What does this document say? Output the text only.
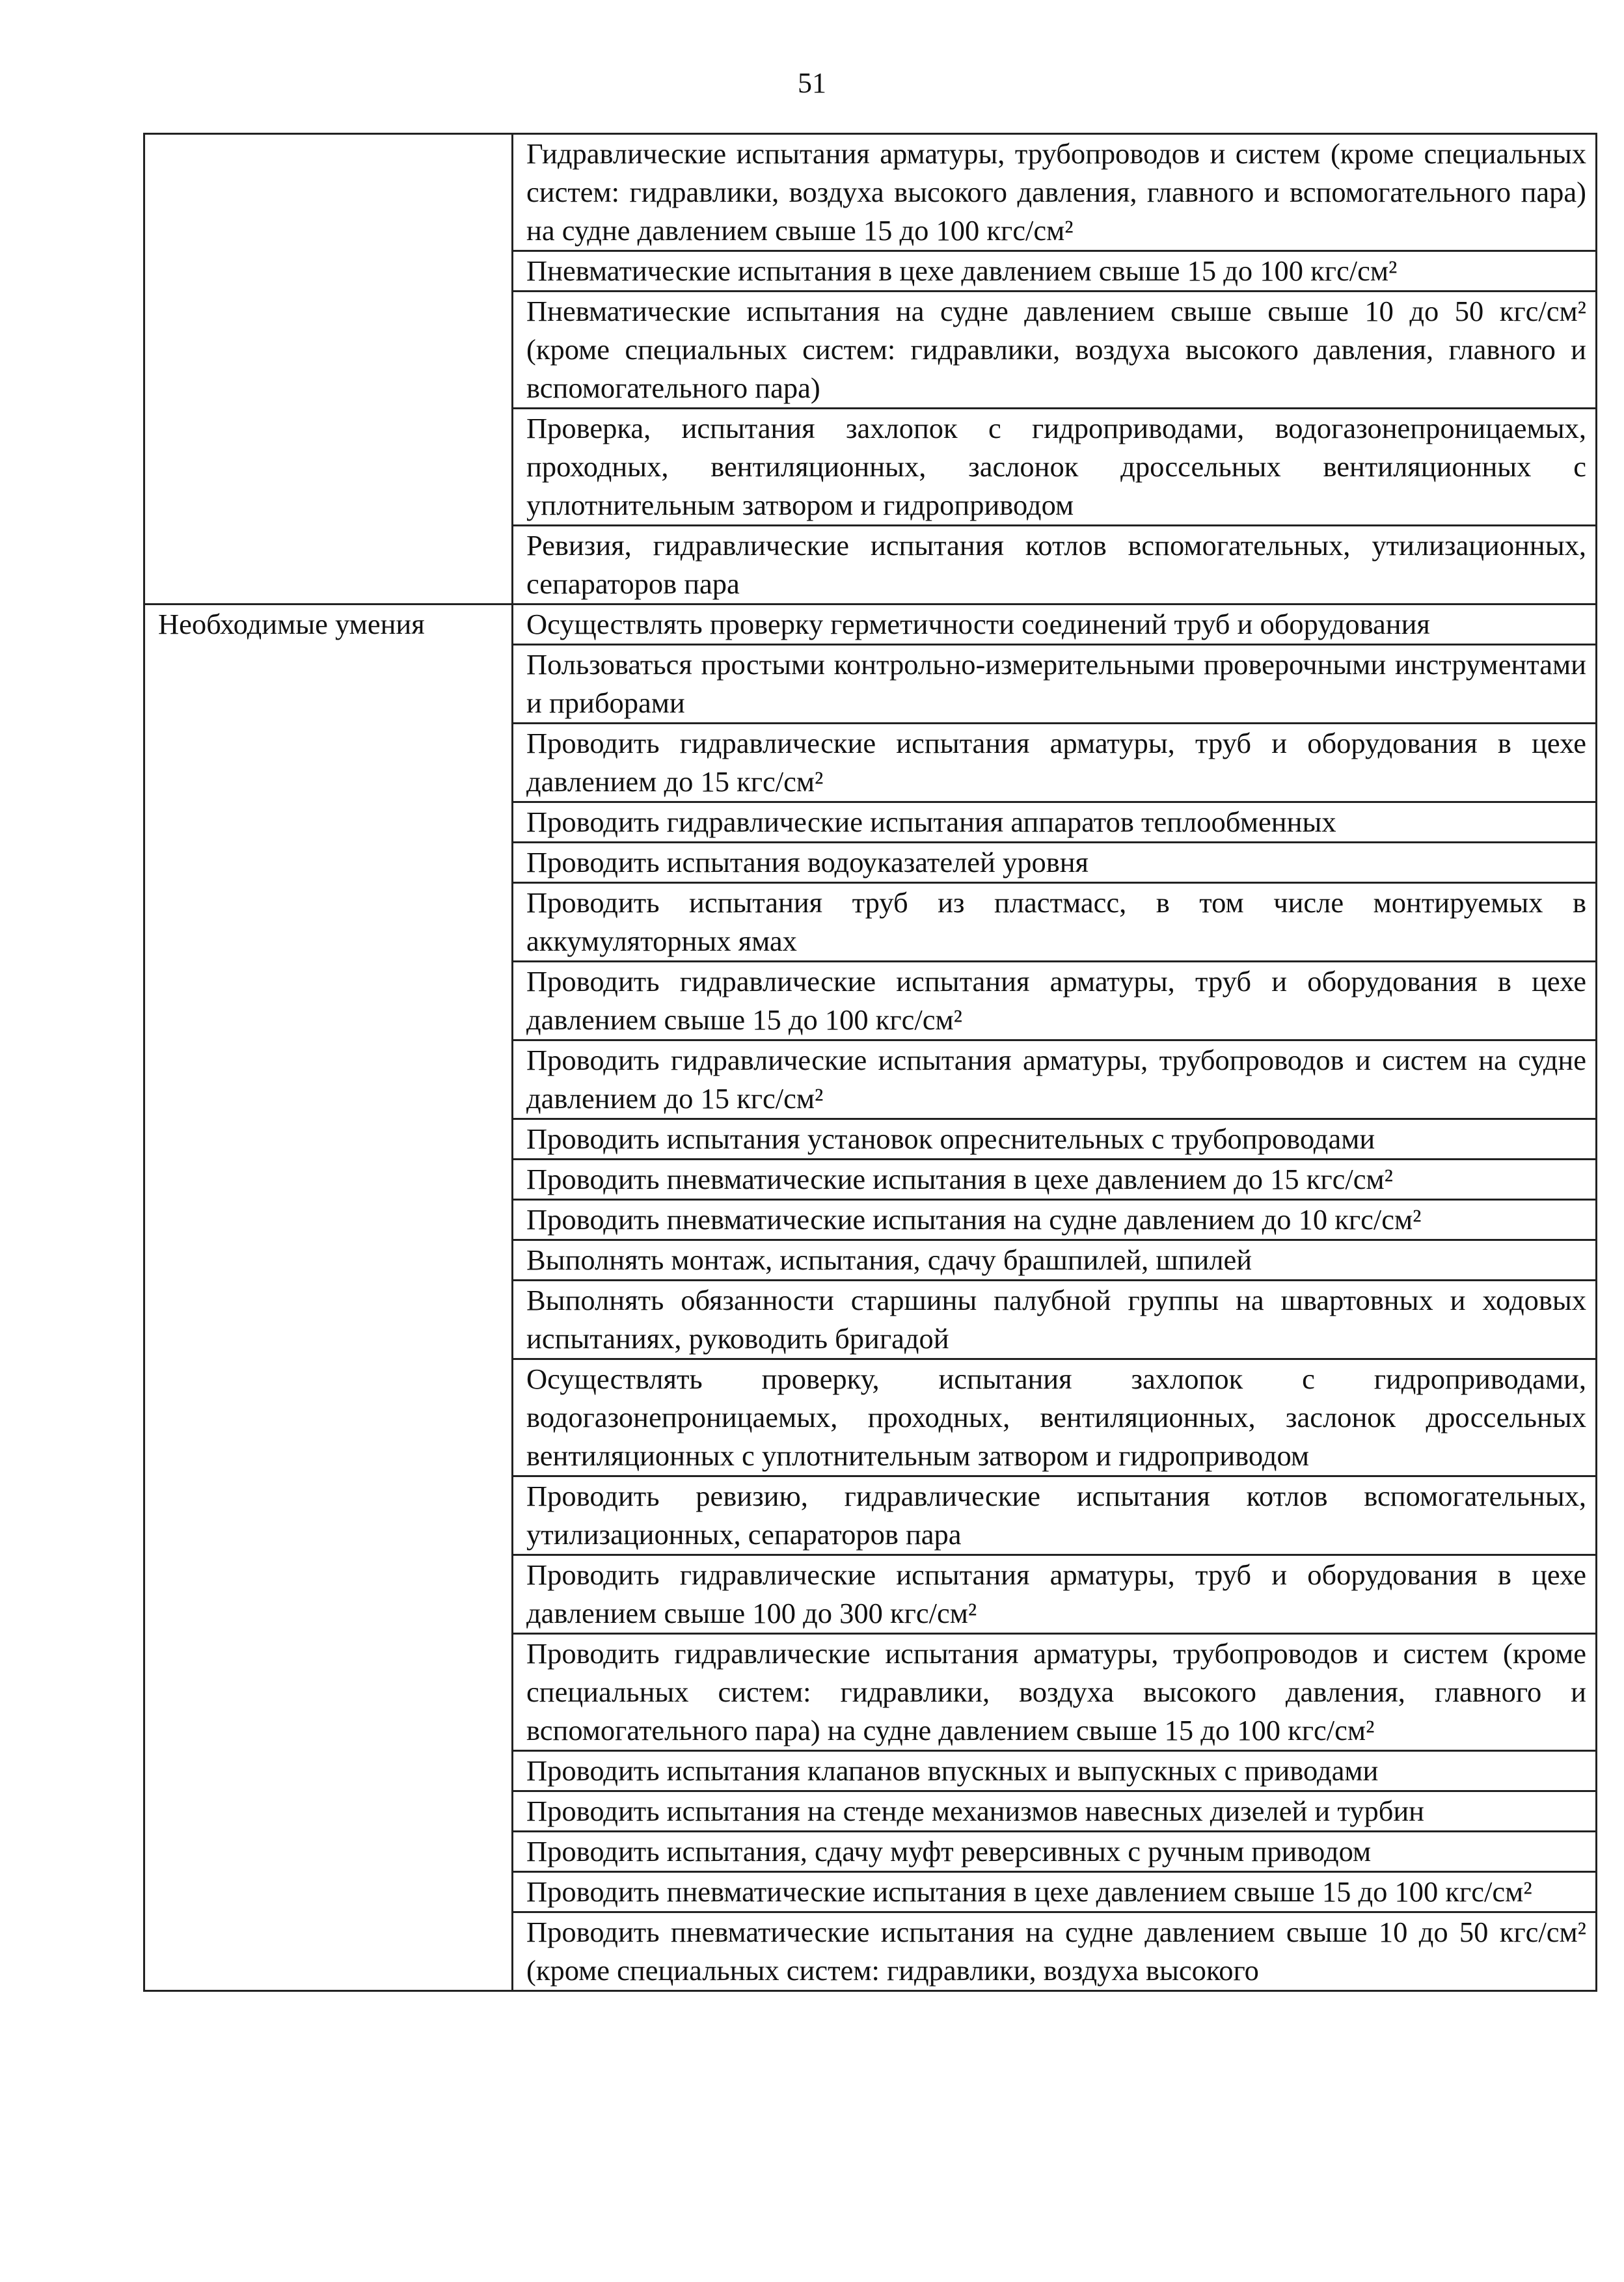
51
	Гидравлические испытания арматуры, трубопроводов и систем (кроме специальных систем: гидравлики, воздуха высокого давления, главного и вспомогательного пара) на судне давлением свыше 15 до 100 кгс/см²
	Пневматические испытания в цехе давлением свыше 15 до 100 кгс/см²
	Пневматические испытания на судне давлением свыше свыше 10 до 50 кгс/см² (кроме специальных систем: гидравлики, воздуха высокого давления, главного и вспомогательного пара)
	Проверка, испытания захлопок с гидроприводами, водогазонепроницаемых, проходных, вентиляционных, заслонок дроссельных вентиляционных с уплотнительным затвором и гидроприводом
	Ревизия, гидравлические испытания котлов вспомогательных, утилизационных, сепараторов пара
Необходимые умения	Осуществлять проверку герметичности соединений труб и оборудования
	Пользоваться простыми контрольно-измерительными проверочными инструментами и приборами
	Проводить гидравлические испытания арматуры, труб и оборудования в цехе давлением до 15 кгс/см²
	Проводить гидравлические испытания аппаратов теплообменных
	Проводить испытания водоуказателей уровня
	Проводить испытания труб из пластмасс, в том числе монтируемых в аккумуляторных ямах
	Проводить гидравлические испытания арматуры, труб и оборудования в цехе давлением свыше 15 до 100 кгс/см²
	Проводить гидравлические испытания арматуры, трубопроводов и систем на судне давлением до 15 кгс/см²
	Проводить испытания установок опреснительных с трубопроводами
	Проводить пневматические испытания в цехе давлением до 15 кгс/см²
	Проводить пневматические испытания на судне давлением до 10 кгс/см²
	Выполнять монтаж, испытания, сдачу брашпилей, шпилей
	Выполнять обязанности старшины палубной группы на швартовных и ходовых испытаниях, руководить бригадой
	Осуществлять проверку, испытания захлопок с гидроприводами, водогазонепроницаемых, проходных, вентиляционных, заслонок дроссельных вентиляционных с уплотнительным затвором и гидроприводом
	Проводить ревизию, гидравлические испытания котлов вспомогательных, утилизационных, сепараторов пара
	Проводить гидравлические испытания арматуры, труб и оборудования в цехе давлением свыше 100 до 300 кгс/см²
	Проводить гидравлические испытания арматуры, трубопроводов и систем (кроме специальных систем: гидравлики, воздуха высокого давления, главного и вспомогательного пара) на судне давлением свыше 15 до 100 кгс/см²
	Проводить испытания клапанов впускных и выпускных с приводами
	Проводить испытания на стенде механизмов навесных дизелей и турбин
	Проводить испытания, сдачу муфт реверсивных с ручным приводом
	Проводить пневматические испытания в цехе давлением свыше 15 до 100 кгс/см²
	Проводить пневматические испытания на судне давлением свыше 10 до 50 кгс/см² (кроме специальных систем: гидравлики, воздуха высокого
